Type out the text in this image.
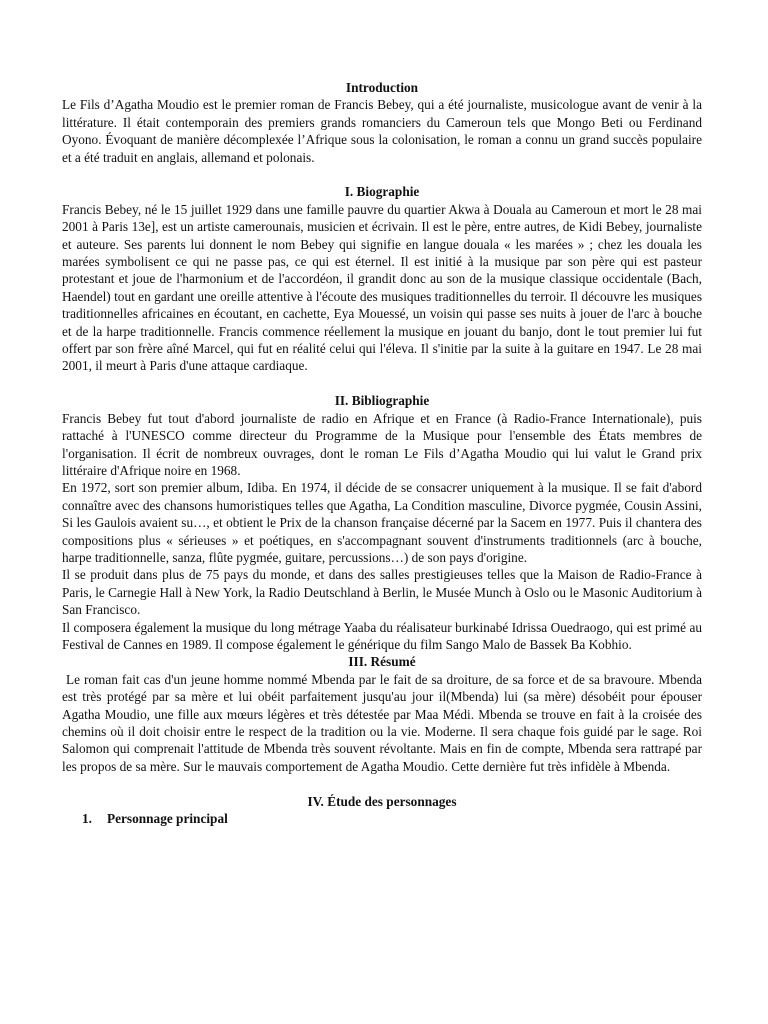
Introduction

Le Fils d’Agatha Moudio est le premier roman de Francis Bebey, qui a été journaliste, musicologue avant de venir à la littérature. Il était contemporain des premiers grands romanciers du Cameroun tels que Mongo Beti ou Ferdinand Oyono. Évoquant de manière décomplexée l’Afrique sous la colonisation, le roman a connu un grand succès populaire et a été traduit en anglais, allemand et polonais.

I. Biographie

Francis Bebey, né le 15 juillet 1929 dans une famille pauvre du quartier Akwa à Douala au Cameroun et mort le 28 mai 2001 à Paris 13e], est un artiste camerounais, musicien et écrivain. Il est le père, entre autres, de Kidi Bebey, journaliste et auteure. Ses parents lui donnent le nom Bebey qui signifie en langue douala « les marées » ; chez les douala les marées symbolisent ce qui ne passe pas, ce qui est éternel. Il est initié à la musique par son père qui est pasteur protestant et joue de l'harmonium et de l'accordéon, il grandit donc au son de la musique classique occidentale (Bach, Haendel) tout en gardant une oreille attentive à l'écoute des musiques traditionnelles du terroir. Il découvre les musiques traditionnelles africaines en écoutant, en cachette, Eya Mouessé, un voisin qui passe ses nuits à jouer de l'arc à bouche et de la harpe traditionnelle. Francis commence réellement la musique en jouant du banjo, dont le tout premier lui fut offert par son frère aîné Marcel, qui fut en réalité celui qui l'éleva. Il s'initie par la suite à la guitare en 1947. Le 28 mai 2001, il meurt à Paris d'une attaque cardiaque.

II. Bibliographie

Francis Bebey fut tout d'abord journaliste de radio en Afrique et en France (à Radio-France Internationale), puis rattaché à l'UNESCO comme directeur du Programme de la Musique pour l'ensemble des États membres de l'organisation. Il écrit de nombreux ouvrages, dont le roman Le Fils d’Agatha Moudio qui lui valut le Grand prix littéraire d'Afrique noire en 1968.

En 1972, sort son premier album, Idiba. En 1974, il décide de se consacrer uniquement à la musique. Il se fait d'abord connaître avec des chansons humoristiques telles que Agatha, La Condition masculine, Divorce pygmée, Cousin Assini, Si les Gaulois avaient su…, et obtient le Prix de la chanson française décerné par la Sacem en 1977. Puis il chantera des compositions plus « sérieuses » et poétiques, en s'accompagnant souvent d'instruments traditionnels (arc à bouche, harpe traditionnelle, sanza, flûte pygmée, guitare, percussions…) de son pays d'origine.

Il se produit dans plus de 75 pays du monde, et dans des salles prestigieuses telles que la Maison de Radio-France à Paris, le Carnegie Hall à New York, la Radio Deutschland à Berlin, le Musée Munch à Oslo ou le Masonic Auditorium à San Francisco.

Il composera également la musique du long métrage Yaaba du réalisateur burkinabé Idrissa Ouedraogo, qui est primé au Festival de Cannes en 1989. Il compose également le générique du film Sango Malo de Bassek Ba Kobhio.

III. Résumé

Le roman fait cas d'un jeune homme nommé Mbenda par le fait de sa droiture, de sa force et de sa bravoure. Mbenda est très protégé par sa mère et lui obéit parfaitement jusqu'au jour il(Mbenda) lui (sa mère) désobéit pour épouser Agatha Moudio, une fille aux mœurs légères et très détestée par Maa Médi. Mbenda se trouve en fait à la croisée des chemins où il doit choisir entre le respect de la tradition ou la vie. Moderne. Il sera chaque fois guidé par le sage. Roi Salomon qui comprenait l'attitude de Mbenda très souvent révoltante. Mais en fin de compte, Mbenda sera rattrapé par les propos de sa mère. Sur le mauvais comportement de Agatha Moudio. Cette dernière fut très infidèle à Mbenda.

IV. Étude des personnages
1.	Personnage principal
